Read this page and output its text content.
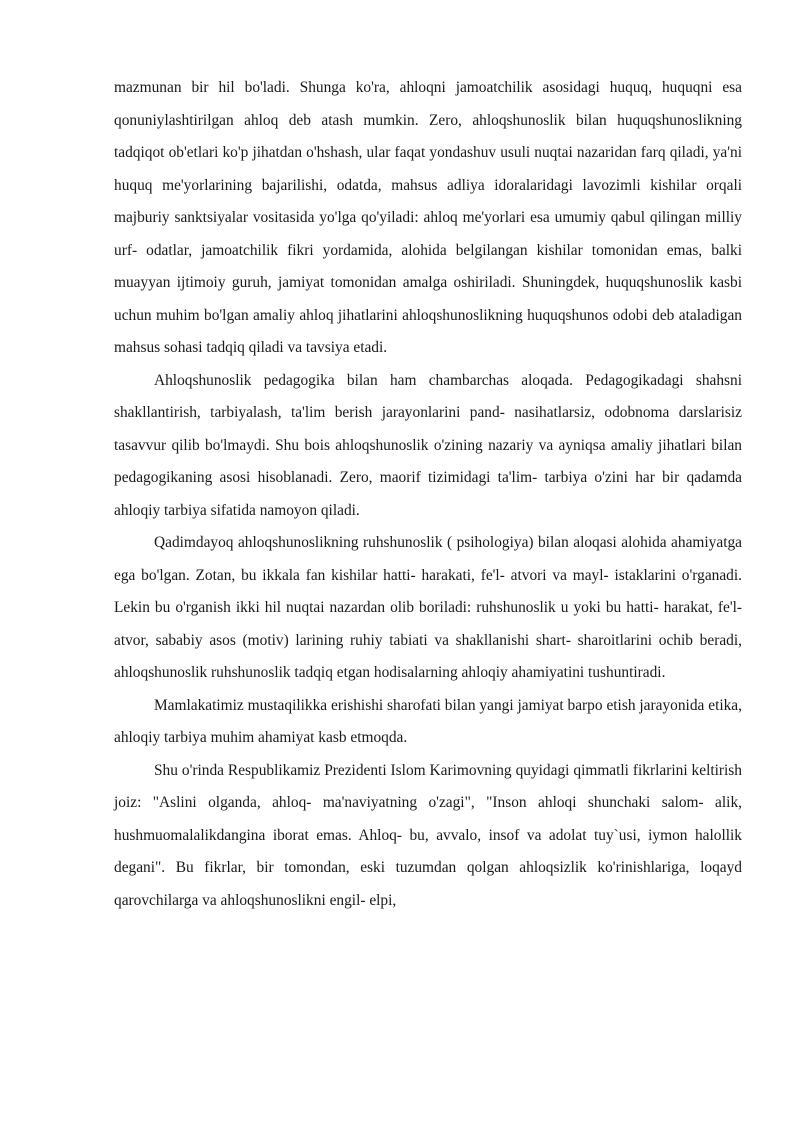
mazmunan bir hil bo'ladi. Shunga ko'ra, ahloqni jamoatchilik asosidagi huquq, huquqni esa qonuniylashtirilgan ahloq deb atash mumkin. Zero, ahloqshunoslik bilan huquqshunoslikning tadqiqot ob'etlari ko'p jihatdan o'hshash, ular faqat yondashuv usuli nuqtai nazaridan farq qiladi, ya'ni huquq me'yorlarining bajarilishi, odatda, mahsus adliya idoralaridagi lavozimli kishilar orqali majburiy sanktsiyalar vositasida yo'lga qo'yiladi: ahloq me'yorlari esa umumiy qabul qilingan milliy urf- odatlar, jamoatchilik fikri yordamida, alohida belgilangan kishilar tomonidan emas, balki muayyan ijtimoiy guruh, jamiyat tomonidan amalga oshiriladi. Shuningdek, huquqshunoslik kasbi uchun muhim bo'lgan amaliy ahloq jihatlarini ahloqshunoslikning huquqshunos odobi deb ataladigan mahsus sohasi tadqiq qiladi va tavsiya etadi.

Ahloqshunoslik pedagogika bilan ham chambarchas aloqada. Pedagogikadagi shahsni shakllantirish, tarbiyalash, ta'lim berish jarayonlarini pand- nasihatlarsiz, odobnoma darslarisiz tasavvur qilib bo'lmaydi. Shu bois ahloqshunoslik o'zining nazariy va ayniqsa amaliy jihatlari bilan pedagogikaning asosi hisoblanadi. Zero, maorif tizimidagi ta'lim- tarbiya o'zini har bir qadamda ahloqiy tarbiya sifatida namoyon qiladi.

Qadimdayoq ahloqshunoslikning ruhshunoslik ( psihologiya) bilan aloqasi alohida ahamiyatga ega bo'lgan. Zotan, bu ikkala fan kishilar hatti- harakati, fe'l- atvori va mayl- istaklarini o'rganadi. Lekin bu o'rganish ikki hil nuqtai nazardan olib boriladi: ruhshunoslik u yoki bu hatti- harakat, fe'l- atvor, sababiy asos (motiv) larining ruhiy tabiati va shakllanishi shart- sharoitlarini ochib beradi, ahloqshunoslik ruhshunoslik tadqiq etgan hodisalarning ahloqiy ahamiyatini tushuntiradi.

Mamlakatimiz mustaqilikka erishishi sharofati bilan yangi jamiyat barpo etish jarayonida etika, ahloqiy tarbiya muhim ahamiyat kasb etmoqda.

Shu o'rinda Respublikamiz Prezidenti Islom Karimovning quyidagi qimmatli fikrlarini keltirish joiz: "Aslini olganda, ahloq- ma'naviyatning o'zagi", "Inson ahloqi shunchaki salom- alik, hushmuomalalikdangina iborat emas. Ahloq- bu, avvalo, insof va adolat tuy`usi, iymon halollik degani". Bu fikrlar, bir tomondan, eski tuzumdan qolgan ahloqsizlik ko'rinishlariga, loqayd qarovchilarga va ahloqshunoslikni engil- elpi,
